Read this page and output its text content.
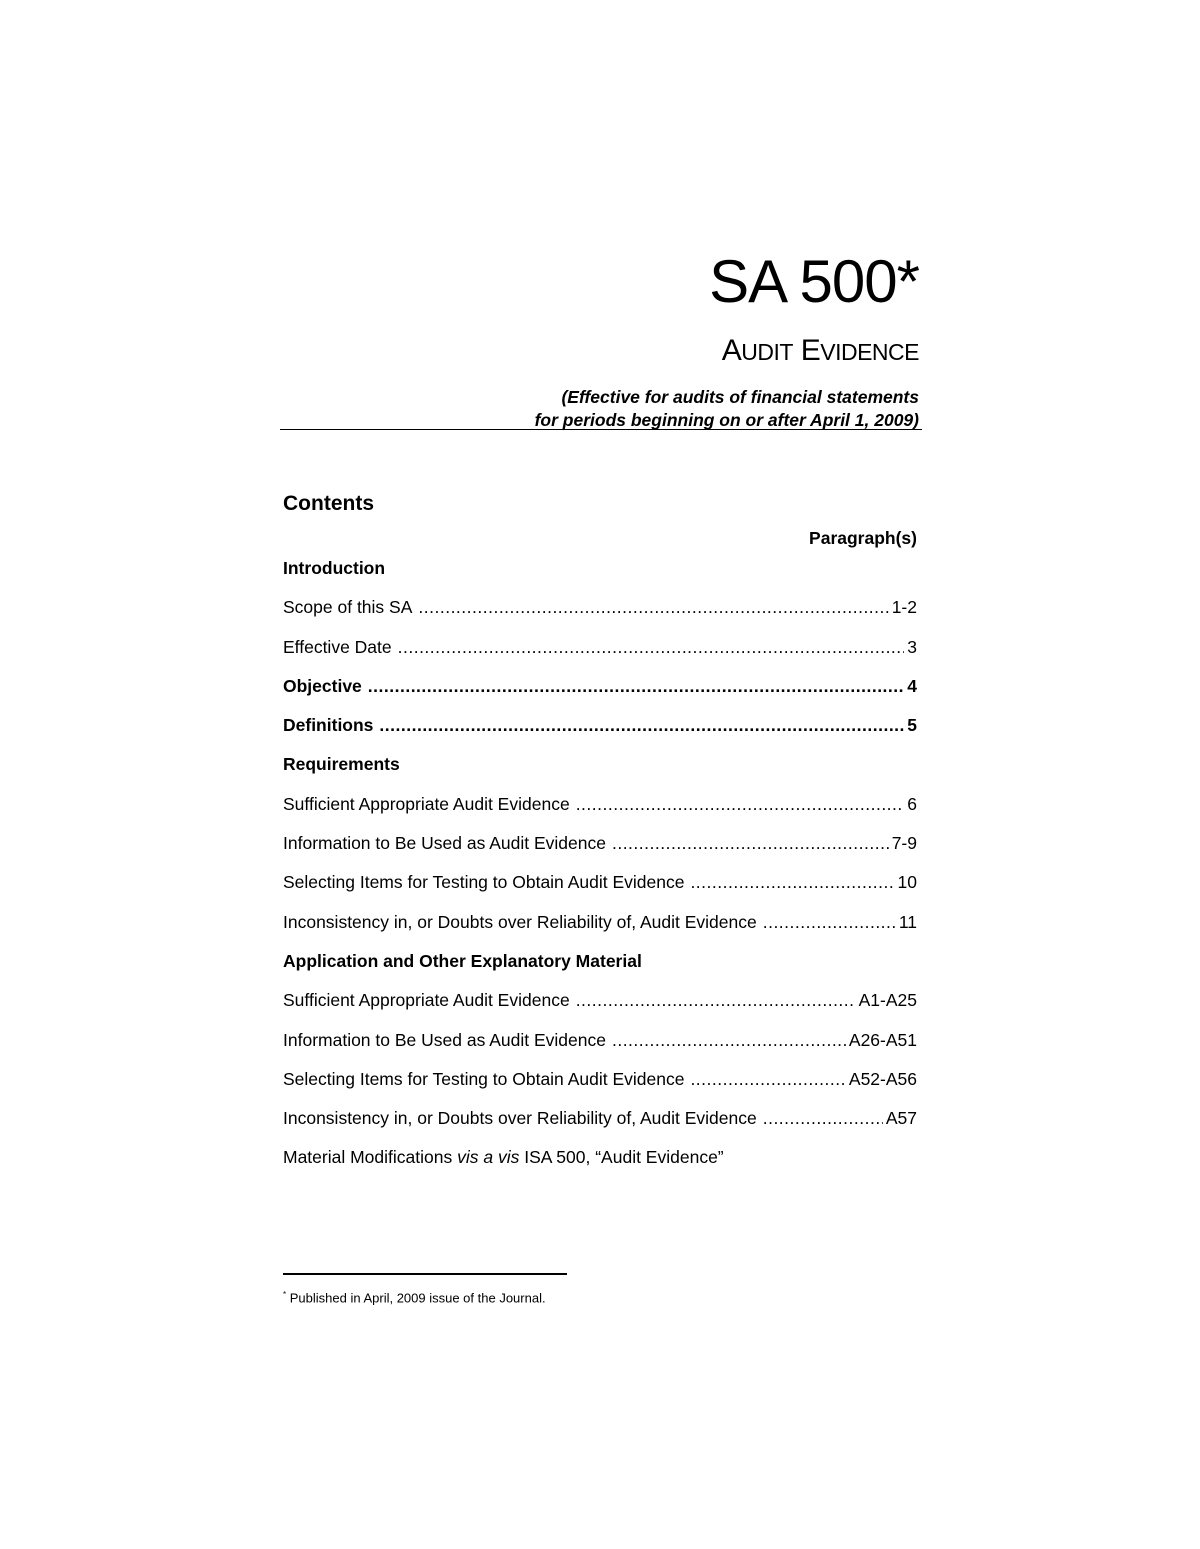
SA 500*
AUDIT EVIDENCE
(Effective for audits of financial statements
for periods beginning on or after April 1, 2009)
Contents
Paragraph(s)
Introduction
Scope of this SA .....	1-2
Effective Date .....	3
Objective .....	4
Definitions .....	5
Requirements
Sufficient Appropriate Audit Evidence .....	6
Information to Be Used as Audit Evidence .....	7-9
Selecting Items for Testing to Obtain Audit Evidence .....	10
Inconsistency in, or Doubts over Reliability of, Audit Evidence .....	11
Application and Other Explanatory Material
Sufficient Appropriate Audit Evidence .....	A1-A25
Information to Be Used as Audit Evidence .....	A26-A51
Selecting Items for Testing to Obtain Audit Evidence .....	A52-A56
Inconsistency in, or Doubts over Reliability of, Audit Evidence .....	A57
Material Modifications vis a vis ISA 500, “Audit Evidence”
* Published in April, 2009 issue of the Journal.
